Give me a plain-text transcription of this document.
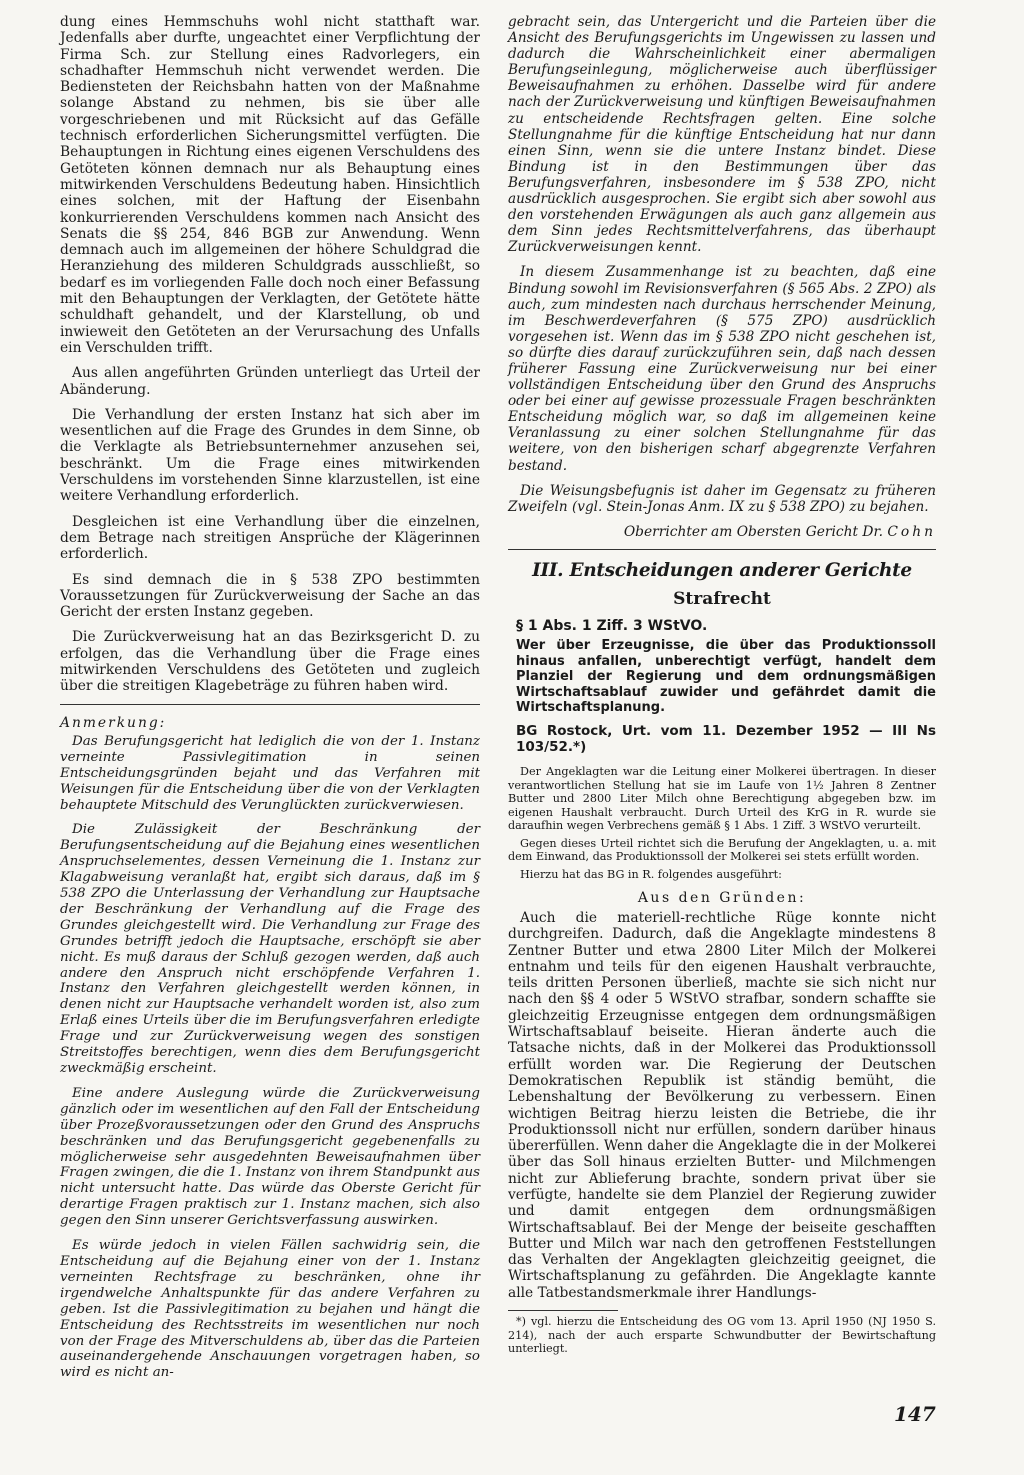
dung eines Hemmschuhs wohl nicht statthaft war. Jedenfalls aber durfte, ungeachtet einer Verpflichtung der Firma Sch. zur Stellung eines Radvorlegers, ein schadhafter Hemmschuh nicht verwendet werden. Die Bediensteten der Reichsbahn hatten von der Maßnahme solange Abstand zu nehmen, bis sie über alle vorgeschriebenen und mit Rücksicht auf das Gefälle technisch erforderlichen Sicherungsmittel verfügten. Die Behauptungen in Richtung eines eigenen Verschuldens des Getöteten können demnach nur als Behauptung eines mitwirkenden Verschuldens Bedeutung haben. Hinsichtlich eines solchen, mit der Haftung der Eisenbahn konkurrierenden Verschuldens kommen nach Ansicht des Senats die §§ 254, 846 BGB zur Anwendung. Wenn demnach auch im allgemeinen der höhere Schuldgrad die Heranziehung des milderen Schuldgrads ausschließt, so bedarf es im vorliegenden Falle doch noch einer Befassung mit den Behauptungen der Verklagten, der Getötete hätte schuldhaft gehandelt, und der Klarstellung, ob und inwieweit den Getöteten an der Verursachung des Unfalls ein Verschulden trifft.

Aus allen angeführten Gründen unterliegt das Urteil der Abänderung.

Die Verhandlung der ersten Instanz hat sich aber im wesentlichen auf die Frage des Grundes in dem Sinne, ob die Verklagte als Betriebsunternehmer anzusehen sei, beschränkt. Um die Frage eines mitwirkenden Verschuldens im vorstehenden Sinne klarzustellen, ist eine weitere Verhandlung erforderlich.

Desgleichen ist eine Verhandlung über die einzelnen, dem Betrage nach streitigen Ansprüche der Klägerinnen erforderlich.

Es sind demnach die in § 538 ZPO bestimmten Voraussetzungen für Zurückverweisung der Sache an das Gericht der ersten Instanz gegeben.

Die Zurückverweisung hat an das Bezirksgericht D. zu erfolgen, das die Verhandlung über die Frage eines mitwirkenden Verschuldens des Getöteten und zugleich über die streitigen Klagebeträge zu führen haben wird.

Anmerkung:

Das Berufungsgericht hat lediglich die von der 1. Instanz verneinte Passivlegitimation in seinen Entscheidungsgründen bejaht und das Verfahren mit Weisungen für die Entscheidung über die von der Verklagten behauptete Mitschuld des Verunglückten zurückverwiesen.

Die Zulässigkeit der Beschränkung der Berufungsentscheidung auf die Bejahung eines wesentlichen Anspruchselementes, dessen Verneinung die 1. Instanz zur Klagabweisung veranlaßt hat, ergibt sich daraus, daß im § 538 ZPO die Unterlassung der Verhandlung zur Hauptsache der Beschränkung der Verhandlung auf die Frage des Grundes gleichgestellt wird. Die Verhandlung zur Frage des Grundes betrifft jedoch die Hauptsache, erschöpft sie aber nicht. Es muß daraus der Schluß gezogen werden, daß auch andere den Anspruch nicht erschöpfende Verfahren 1. Instanz den Verfahren gleichgestellt werden können, in denen nicht zur Hauptsache verhandelt worden ist, also zum Erlaß eines Urteils über die im Berufungsverfahren erledigte Frage und zur Zurückverweisung wegen des sonstigen Streitstoffes berechtigen, wenn dies dem Berufungsgericht zweckmäßig erscheint.

Eine andere Auslegung würde die Zurückverweisung gänzlich oder im wesentlichen auf den Fall der Entscheidung über Prozeßvoraussetzungen oder den Grund des Anspruchs beschränken und das Berufungsgericht gegebenenfalls zu möglicherweise sehr ausgedehnten Beweisaufnahmen über Fragen zwingen, die die 1. Instanz von ihrem Standpunkt aus nicht untersucht hatte. Das würde das Oberste Gericht für derartige Fragen praktisch zur 1. Instanz machen, sich also gegen den Sinn unserer Gerichtsverfassung auswirken.

Es würde jedoch in vielen Fällen sachwidrig sein, die Entscheidung auf die Bejahung einer von der 1. Instanz verneinten Rechtsfrage zu beschränken, ohne ihr irgendwelche Anhaltspunkte für das andere Verfahren zu geben. Ist die Passivlegitimation zu bejahen und hängt die Entscheidung des Rechtsstreits im wesentlichen nur noch von der Frage des Mitverschuldens ab, über das die Parteien auseinandergehende Anschauungen vorgetragen haben, so wird es nicht an-

gebracht sein, das Untergericht und die Parteien über die Ansicht des Berufungsgerichts im Ungewissen zu lassen und dadurch die Wahrscheinlichkeit einer abermaligen Berufungseinlegung, möglicherweise auch überflüssiger Beweisaufnahmen zu erhöhen. Dasselbe wird für andere nach der Zurückverweisung und künftigen Beweisaufnahmen zu entscheidende Rechtsfragen gelten. Eine solche Stellungnahme für die künftige Entscheidung hat nur dann einen Sinn, wenn sie die untere Instanz bindet. Diese Bindung ist in den Bestimmungen über das Berufungsverfahren, insbesondere im § 538 ZPO, nicht ausdrücklich ausgesprochen. Sie ergibt sich aber sowohl aus den vorstehenden Erwägungen als auch ganz allgemein aus dem Sinn jedes Rechtsmittelverfahrens, das überhaupt Zurückverweisungen kennt.

In diesem Zusammenhange ist zu beachten, daß eine Bindung sowohl im Revisionsverfahren (§ 565 Abs. 2 ZPO) als auch, zum mindesten nach durchaus herrschender Meinung, im Beschwerdeverfahren (§ 575 ZPO) ausdrücklich vorgesehen ist. Wenn das im § 538 ZPO nicht geschehen ist, so dürfte dies darauf zurückzuführen sein, daß nach dessen früherer Fassung eine Zurückverweisung nur bei einer vollständigen Entscheidung über den Grund des Anspruchs oder bei einer auf gewisse prozessuale Fragen beschränkten Entscheidung möglich war, so daß im allgemeinen keine Veranlassung zu einer solchen Stellungnahme für das weitere, von den bisherigen scharf abgegrenzte Verfahren bestand.

Die Weisungsbefugnis ist daher im Gegensatz zu früheren Zweifeln (vgl. Stein-Jonas Anm. IX zu § 538 ZPO) zu bejahen.

Oberrichter am Obersten Gericht Dr. Cohn

III. Entscheidungen anderer Gerichte
Strafrecht

§ 1 Abs. 1 Ziff. 3 WStVO.

Wer über Erzeugnisse, die über das Produktionssoll hinaus anfallen, unberechtigt verfügt, handelt dem Planziel der Regierung und dem ordnungsmäßigen Wirtschaftsablauf zuwider und gefährdet damit die Wirtschaftsplanung.

BG Rostock, Urt. vom 11. Dezember 1952 — III Ns 103/52.*)

Der Angeklagten war die Leitung einer Molkerei übertragen. In dieser verantwortlichen Stellung hat sie im Laufe von 1½ Jahren 8 Zentner Butter und 2800 Liter Milch ohne Berechtigung abgegeben bzw. im eigenen Haushalt verbraucht. Durch Urteil des KrG in R. wurde sie daraufhin wegen Verbrechens gemäß § 1 Abs. 1 Ziff. 3 WStVO verurteilt.

Gegen dieses Urteil richtet sich die Berufung der Angeklagten, u. a. mit dem Einwand, das Produktionssoll der Molkerei sei stets erfüllt worden.

Hierzu hat das BG in R. folgendes ausgeführt:

Aus den Gründen:

Auch die materiell-rechtliche Rüge konnte nicht durchgreifen. Dadurch, daß die Angeklagte mindestens 8 Zentner Butter und etwa 2800 Liter Milch der Molkerei entnahm und teils für den eigenen Haushalt verbrauchte, teils dritten Personen überließ, machte sie sich nicht nur nach den §§ 4 oder 5 WStVO strafbar, sondern schaffte sie gleichzeitig Erzeugnisse entgegen dem ordnungsmäßigen Wirtschaftsablauf beiseite. Hieran änderte auch die Tatsache nichts, daß in der Molkerei das Produktionssoll erfüllt worden war. Die Regierung der Deutschen Demokratischen Republik ist ständig bemüht, die Lebenshaltung der Bevölkerung zu verbessern. Einen wichtigen Beitrag hierzu leisten die Betriebe, die ihr Produktionssoll nicht nur erfüllen, sondern darüber hinaus übererfüllen. Wenn daher die Angeklagte die in der Molkerei über das Soll hinaus erzielten Butter- und Milchmengen nicht zur Ablieferung brachte, sondern privat über sie verfügte, handelte sie dem Planziel der Regierung zuwider und damit entgegen dem ordnungsmäßigen Wirtschaftsablauf. Bei der Menge der beiseite geschafften Butter und Milch war nach den getroffenen Feststellungen das Verhalten der Angeklagten gleichzeitig geeignet, die Wirtschaftsplanung zu gefährden. Die Angeklagte kannte alle Tatbestandsmerkmale ihrer Handlungs-

*) vgl. hierzu die Entscheidung des OG vom 13. April 1950 (NJ 1950 S. 214), nach der auch ersparte Schwundbutter der Bewirtschaftung unterliegt.

147
